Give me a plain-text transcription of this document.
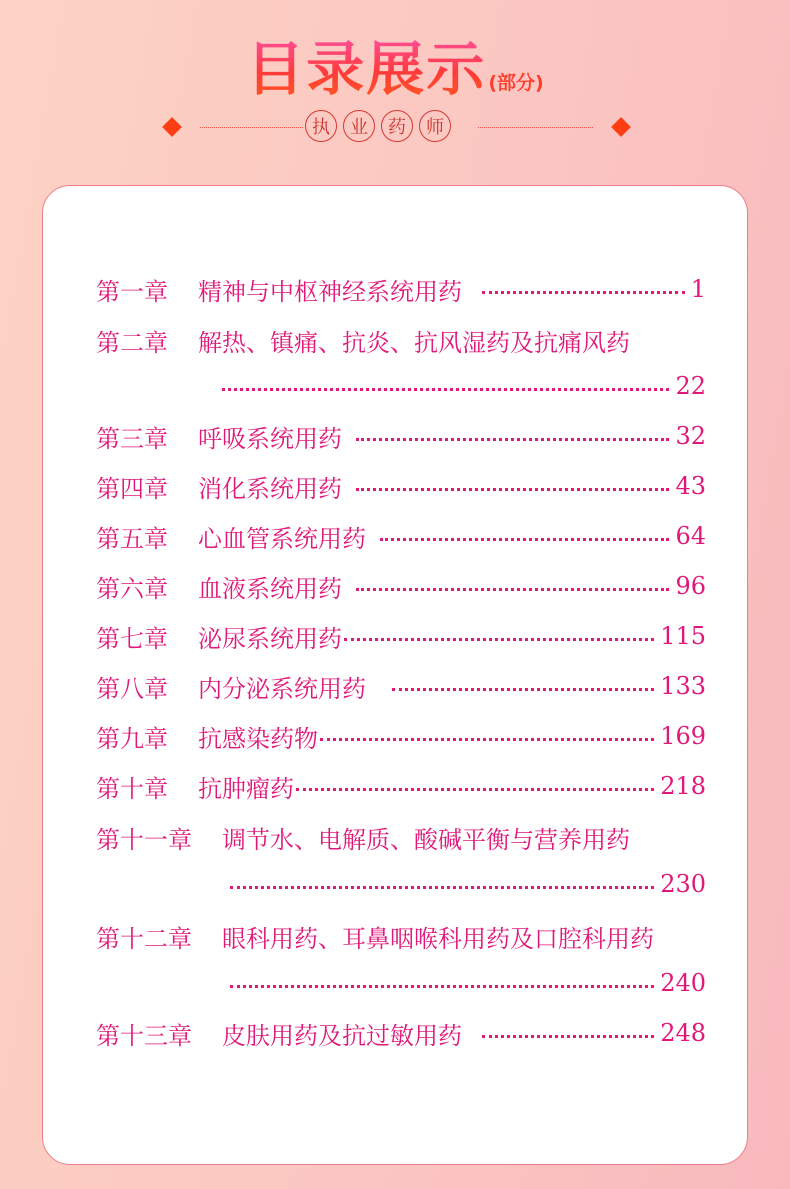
目录展示 (部分)
执	业	药	师
第一章	精神与中枢神经系统用药	1
第二章	解热、镇痛、抗炎、抗风湿药及抗痛风药
22
第三章	呼吸系统用药	32
第四章	消化系统用药	43
第五章	心血管系统用药	64
第六章	血液系统用药	96
第七章	泌尿系统用药	115
第八章	内分泌系统用药	133
第九章	抗感染药物	169
第十章	抗肿瘤药	218
第十一章	调节水、电解质、酸碱平衡与营养用药
230
第十二章	眼科用药、耳鼻咽喉科用药及口腔科用药
240
第十三章	皮肤用药及抗过敏用药	248
